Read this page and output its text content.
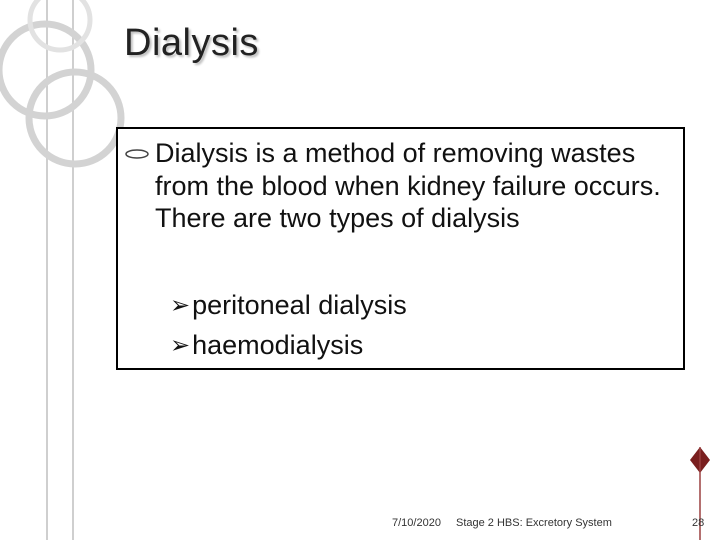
Dialysis
Dialysis is a method of removing wastes from the blood when kidney failure occurs. There are two types of dialysis
➢peritoneal dialysis
➢haemodialysis
7/10/2020 Stage 2 HBS: Excretory System	28
